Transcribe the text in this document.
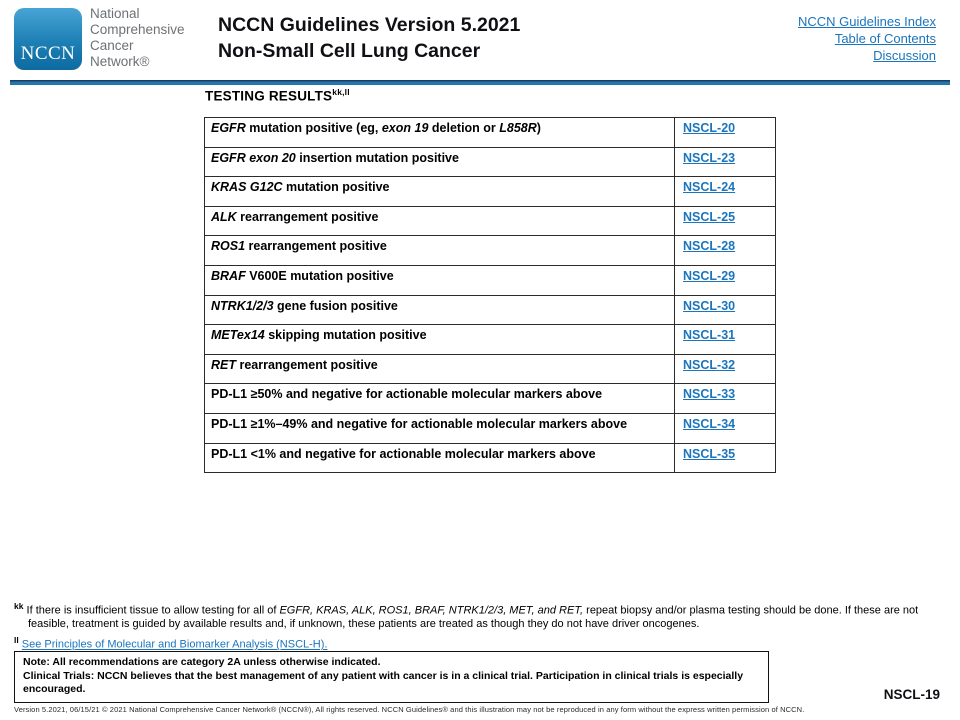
NCCN
National
Comprehensive
Cancer
Network®
NCCN Guidelines Version 5.2021
Non-Small Cell Lung Cancer
NCCN Guidelines Index
Table of Contents
Discussion
TESTING $RESULTS^{kk,ll}$
EGFR mutation positive (eg, exon 19 deletion or L858R)	NSCL-20
EGFR exon 20 insertion mutation positive	NSCL-23
KRAS G12C mutation positive	NSCL-24
ALK rearrangement positive	NSCL-25
ROS1 rearrangement positive	NSCL-28
BRAF V600E mutation positive	NSCL-29
NTRK1/2/3 gene fusion positive	NSCL-30
METex14 skipping mutation positive	NSCL-31
RET rearrangement positive	NSCL-32
PD-L1 ≥50% and negative for actionable molecular markers above	NSCL-33
PD-L1 ≥1%–49% and negative for actionable molecular markers above	NSCL-34
PD-L1 <1% and negative for actionable molecular markers above	NSCL-35
$^{kk}$ If there is insufficient tissue to allow testing for all of EGFR, KRAS, ALK, ROS1, BRAF, NTRK1/2/3, MET, and RET, repeat biopsy and/or plasma testing should be done. If these are not feasible, treatment is guided by available results and, if unknown, these patients are treated as though they do not have driver oncogenes.
$^{ll}$ See Principles of Molecular and Biomarker Analysis (NSCL-H).
Note: All recommendations are category 2A unless otherwise indicated.
Clinical Trials: NCCN believes that the best management of any patient with cancer is in a clinical trial. Participation in clinical trials is especially encouraged.
Version 5.2021, 06/15/21 © 2021 National Comprehensive Cancer Network® (NCCN®), All rights reserved. NCCN Guidelines® and this illustration may not be reproduced in any form without the express written permission of NCCN.
NSCL-19
